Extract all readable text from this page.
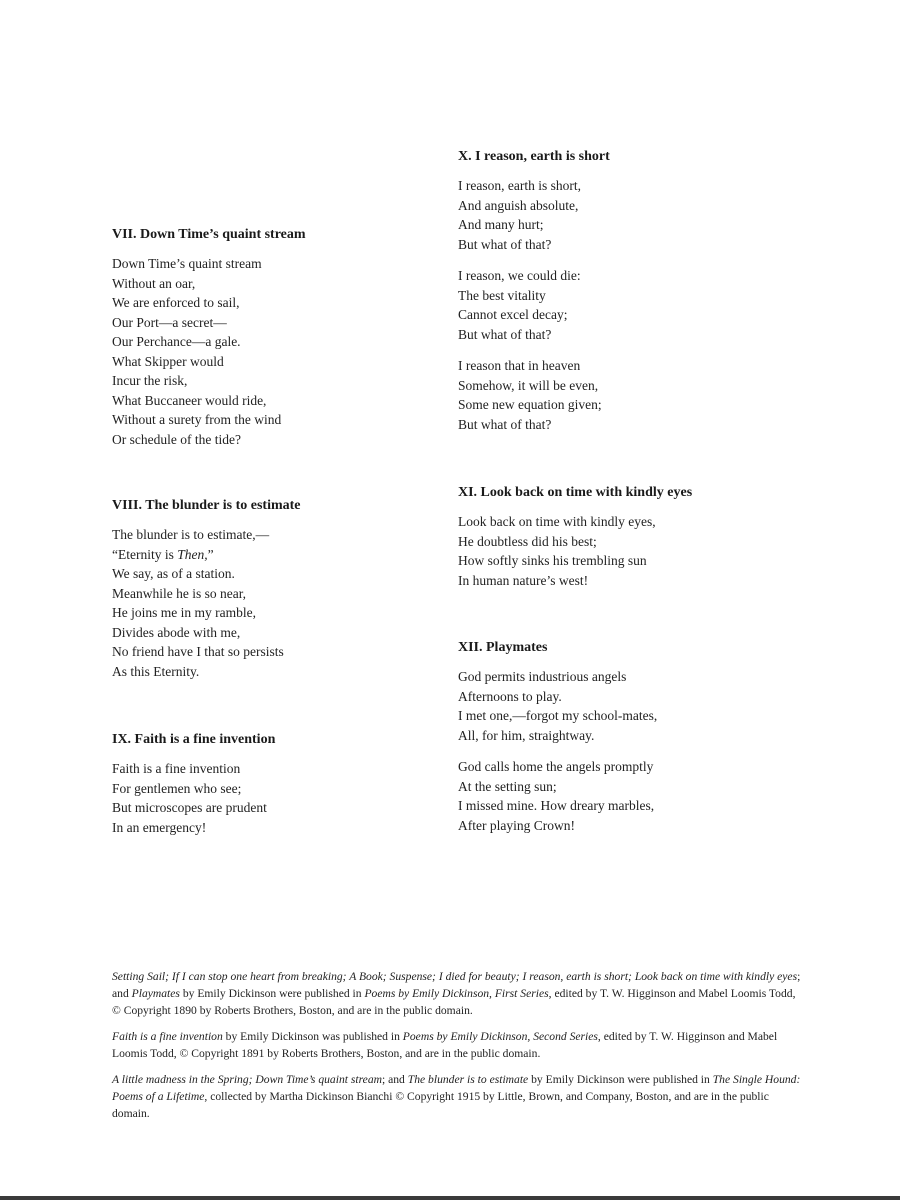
VII. Down Time’s quaint stream
Down Time’s quaint stream
Without an oar,
We are enforced to sail,
Our Port—a secret—
Our Perchance—a gale.
What Skipper would
Incur the risk,
What Buccaneer would ride,
Without a surety from the wind
Or schedule of the tide?
VIII. The blunder is to estimate
The blunder is to estimate,—
“Eternity is Then,”
We say, as of a station.
Meanwhile he is so near,
He joins me in my ramble,
Divides abode with me,
No friend have I that so persists
As this Eternity.
IX. Faith is a fine invention
Faith is a fine invention
For gentlemen who see;
But microscopes are prudent
In an emergency!
X. I reason, earth is short
I reason, earth is short,
And anguish absolute,
And many hurt;
But what of that?
I reason, we could die:
The best vitality
Cannot excel decay;
But what of that?
I reason that in heaven
Somehow, it will be even,
Some new equation given;
But what of that?
XI. Look back on time with kindly eyes
Look back on time with kindly eyes,
He doubtless did his best;
How softly sinks his trembling sun
In human nature’s west!
XII. Playmates
God permits industrious angels
Afternoons to play.
I met one,—forgot my school-mates,
All, for him, straightway.
God calls home the angels promptly
At the setting sun;
I missed mine. How dreary marbles,
After playing Crown!

Setting Sail; If I can stop one heart from breaking; A Book; Suspense; I died for beauty; I reason, earth is short; Look back on time with kindly eyes; and Playmates by Emily Dickinson were published in Poems by Emily Dickinson, First Series, edited by T. W. Higginson and Mabel Loomis Todd, © Copyright 1890 by Roberts Brothers, Boston, and are in the public domain.

Faith is a fine invention by Emily Dickinson was published in Poems by Emily Dickinson, Second Series, edited by T. W. Higginson and Mabel Loomis Todd, © Copyright 1891 by Roberts Brothers, Boston, and are in the public domain.

A little madness in the Spring; Down Time’s quaint stream; and The blunder is to estimate by Emily Dickinson were published in The Single Hound: Poems of a Lifetime, collected by Martha Dickinson Bianchi © Copyright 1915 by Little, Brown, and Company, Boston, and are in the public domain.
